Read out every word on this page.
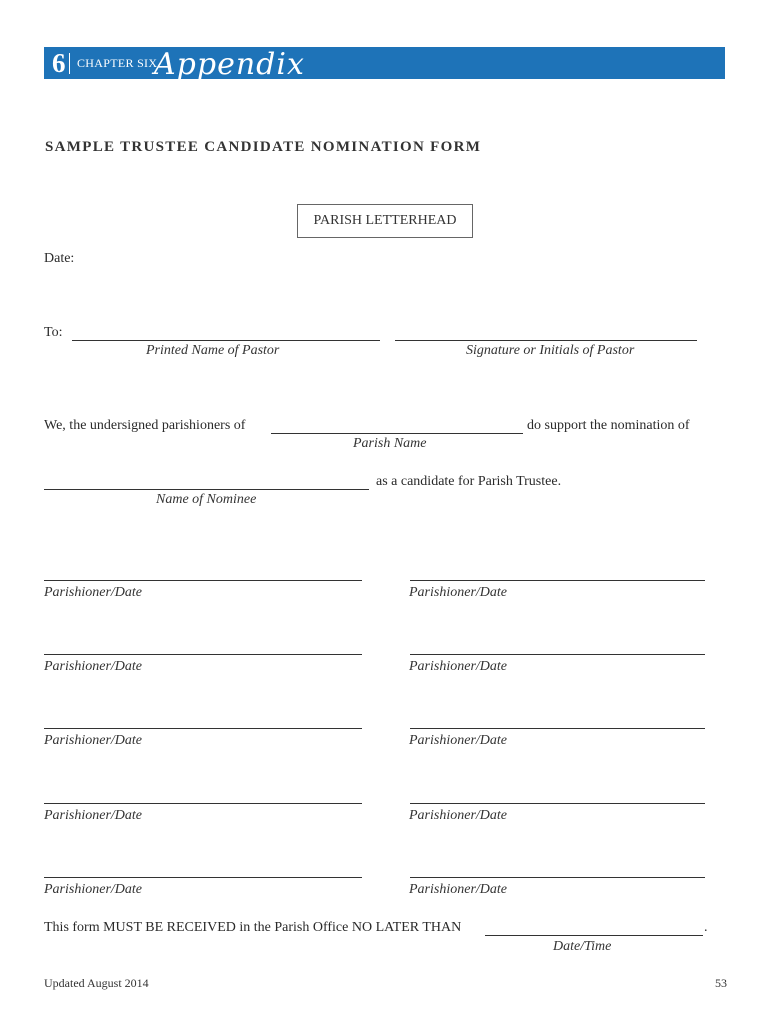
6 CHAPTER SIX
Appendix
SAMPLE TRUSTEE CANDIDATE NOMINATION FORM
PARISH LETTERHEAD
Date:
To:
Printed Name of Pastor	Signature or Initials of Pastor
We, the undersigned parishioners of	do support the nomination of
Parish Name
as a candidate for Parish Trustee.
Name of Nominee
Parishioner/Date	Parishioner/Date
Parishioner/Date	Parishioner/Date
Parishioner/Date	Parishioner/Date
Parishioner/Date	Parishioner/Date
Parishioner/Date	Parishioner/Date
This form MUST BE RECEIVED in the Parish Office NO LATER THAN	.
Date/Time
Updated August 2014	53
